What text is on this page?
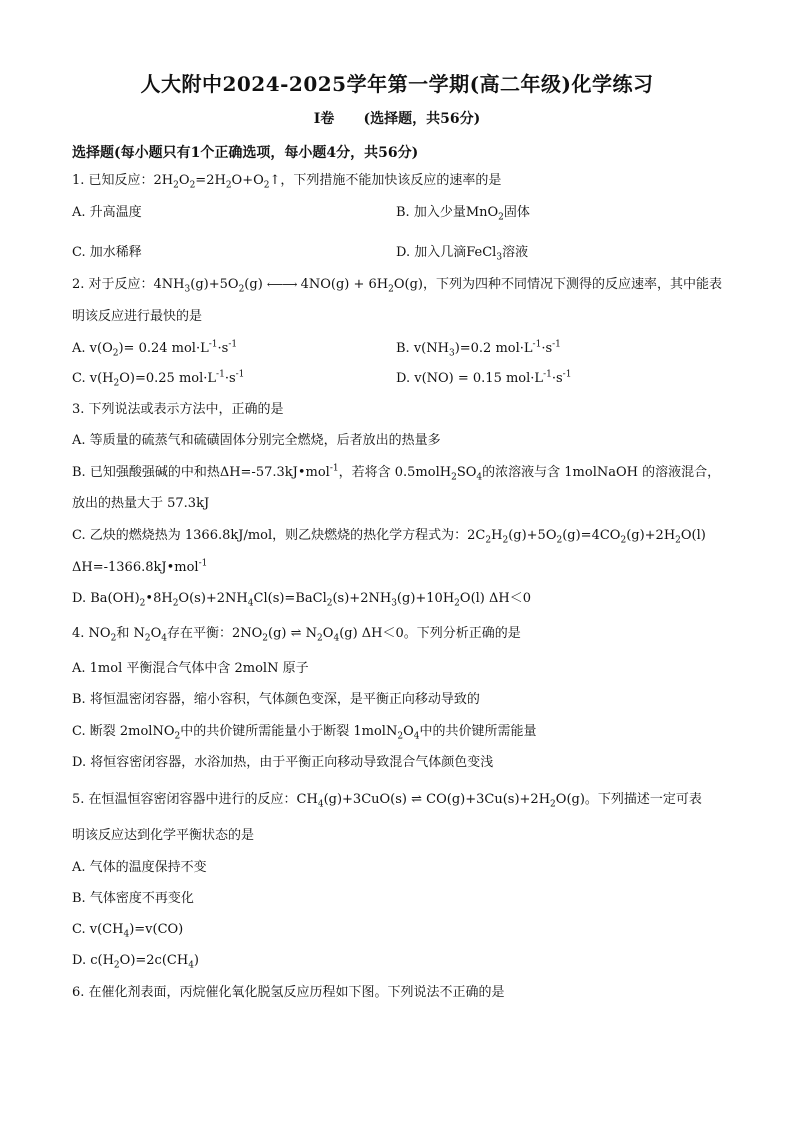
人大附中2024-2025学年第一学期(高二年级)化学练习
I卷      (选择题，共56分)
选择题(每小题只有1个正确选项，每小题4分，共56分)
1. 已知反应：$2H_2O_2=2H_2O+O_2↑$，下列措施不能加快该反应的速率的是
A. 升高温度	B. 加入少量MnO$_2$固体
C. 加水稀释	D. 加入几滴FeCl$_3$溶液
2. 对于反应：$4NH_3(g)+5O_2(g)$ ⟵⟶ $4NO(g) + 6H_2O(g)$，下列为四种不同情况下测得的反应速率，其中能表
明该反应进行最快的是
A. $v(O_2)= 0.24$ $mol\cdot L^{-1}\cdot s^{-1}$	B. $v(NH_3)=0.2$ $mol\cdot L^{-1}\cdot s^{-1}$
C. $v(H_2O)=0.25$ $mol\cdot L^{-1}\cdot s^{-1}$	D. v(NO) = 0.15 $mol\cdot L^{-1}\cdot s^{-1}$
3. 下列说法或表示方法中，正确的是
A. 等质量的硫蒸气和硫磺固体分别完全燃烧，后者放出的热量多
B. 已知强酸强碱的中和热ΔH=-57.3kJ•mol$^{-1}$，若将含 $0.5molH_2SO_4$的浓溶液与含 1molNaOH 的溶液混合，
放出的热量大于 57.3kJ
C. 乙炔的燃烧热为 1366.8kJ/mol，则乙炔燃烧的热化学方程式为：$2C_2H_2(g)+5O_2(g)=4CO_2(g)+2H_2O(l)$
ΔH=-1366.8kJ•mol$^{-1}$
D. $Ba(OH)_2•8H_2O(s)+2NH_4Cl(s)=BaCl_2(s)+2NH_3(g)+10H_2O(l)$ ΔH＜0
4. $NO_2$和 $N_2O_4$存在平衡：$2NO_2(g)$ ⇌ $N_2O_4(g)$ ΔH＜0。下列分析正确的是
A. 1mol 平衡混合气体中含 2molN 原子
B. 将恒温密闭容器，缩小容积，气体颜色变深，是平衡正向移动导致的
C. 断裂 2molNO$_2$中的共价键所需能量小于断裂 $1molN_2O_4$中的共价键所需能量
D. 将恒容密闭容器，水浴加热，由于平衡正向移动导致混合气体颜色变浅
5. 在恒温恒容密闭容器中进行的反应：$CH_4(g)+3CuO(s)$ ⇌ $CO(g)+3Cu(s)+2H_2O(g)$。下列描述一定可表
明该反应达到化学平衡状态的是
A. 气体的温度保持不变
B. 气体密度不再变化
C. $v(CH_4)=v(CO)$
D. $c(H_2O)=2c(CH_4)$
6. 在催化剂表面，丙烷催化氧化脱氢反应历程如下图。下列说法不正确的是
